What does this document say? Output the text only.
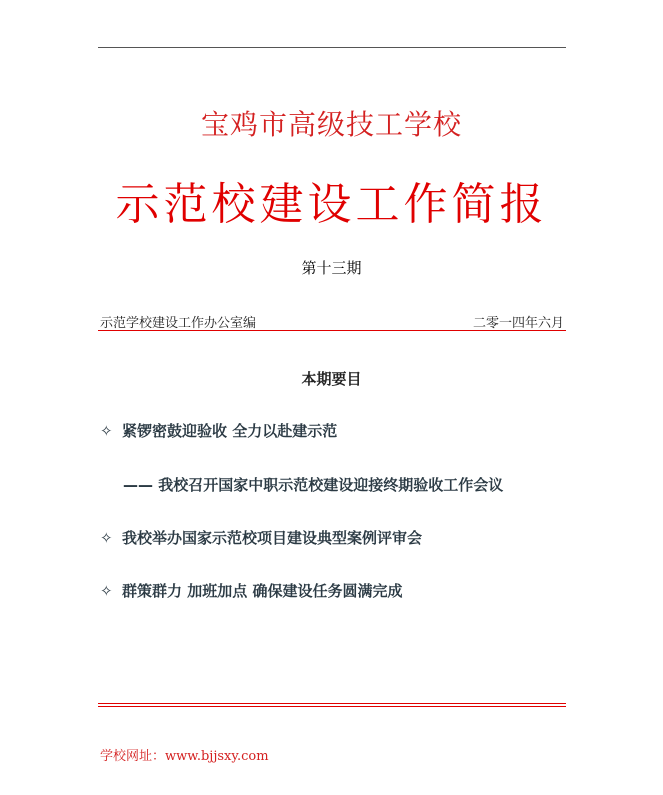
宝鸡市高级技工学校
示范校建设工作简报
第十三期
示范学校建设工作办公室编	二零一四年六月
本期要目
✧ 紧锣密鼓迎验收 全力以赴建示范
—— 我校召开国家中职示范校建设迎接终期验收工作会议
✧ 我校举办国家示范校项目建设典型案例评审会
✧ 群策群力 加班加点 确保建设任务圆满完成
学校网址：www.bjjsxy.com
